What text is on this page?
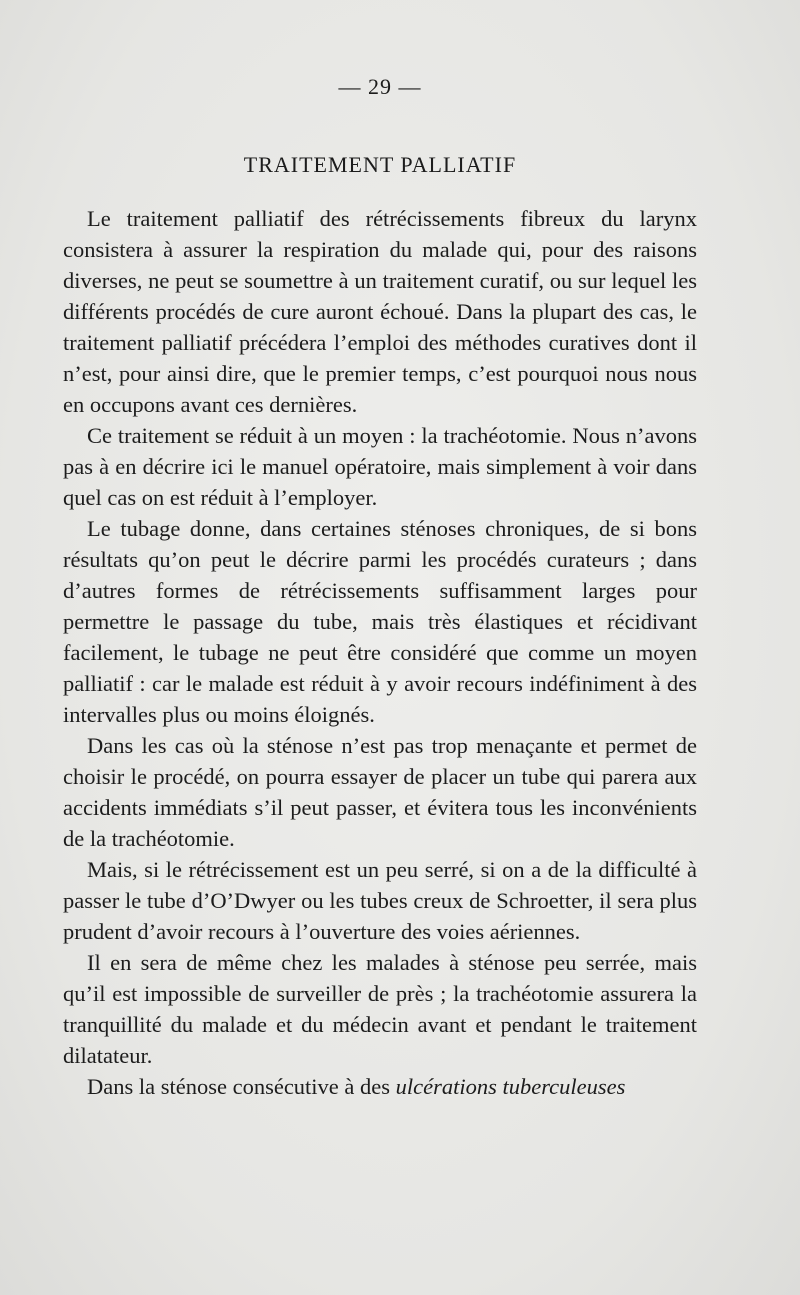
— 29 —
TRAITEMENT PALLIATIF

Le traitement palliatif des rétrécissements fibreux du larynx consistera à assurer la respiration du malade qui, pour des raisons diverses, ne peut se soumettre à un traitement curatif, ou sur lequel les différents procédés de cure auront échoué. Dans la plupart des cas, le traitement palliatif précédera l’emploi des méthodes curatives dont il n’est, pour ainsi dire, que le premier temps, c’est pourquoi nous nous en occupons avant ces dernières.

Ce traitement se réduit à un moyen : la trachéotomie. Nous n’avons pas à en décrire ici le manuel opératoire, mais simplement à voir dans quel cas on est réduit à l’employer.

Le tubage donne, dans certaines sténoses chroniques, de si bons résultats qu’on peut le décrire parmi les procédés curateurs ; dans d’autres formes de rétrécissements suffisamment larges pour permettre le passage du tube, mais très élastiques et récidivant facilement, le tubage ne peut être considéré que comme un moyen palliatif : car le malade est réduit à y avoir recours indéfiniment à des intervalles plus ou moins éloignés.

Dans les cas où la sténose n’est pas trop menaçante et permet de choisir le procédé, on pourra essayer de placer un tube qui parera aux accidents immédiats s’il peut passer, et évitera tous les inconvénients de la trachéotomie.

Mais, si le rétrécissement est un peu serré, si on a de la difficulté à passer le tube d’O’Dwyer ou les tubes creux de Schroetter, il sera plus prudent d’avoir recours à l’ouverture des voies aériennes.

Il en sera de même chez les malades à sténose peu serrée, mais qu’il est impossible de surveiller de près ; la trachéotomie assurera la tranquillité du malade et du médecin avant et pendant le traitement dilatateur.

Dans la sténose consécutive à des ulcérations tuberculeuses
